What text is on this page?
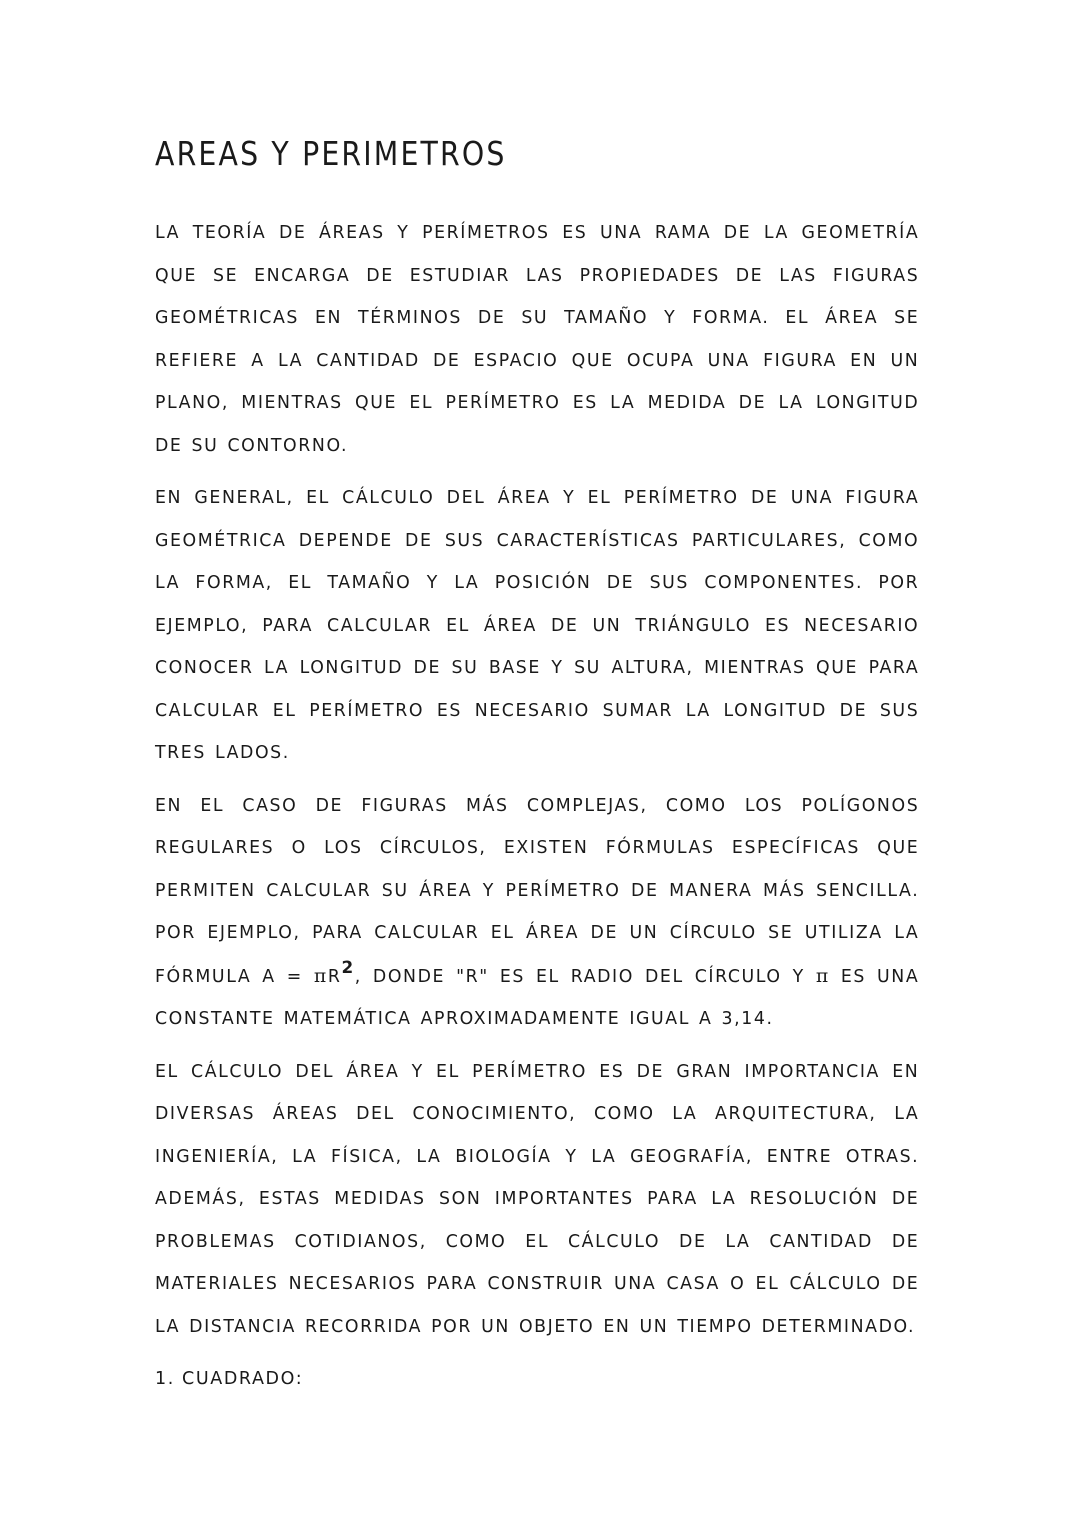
AREAS Y PERIMETROS

LA TEORÍA DE ÁREAS Y PERÍMETROS ES UNA RAMA DE LA GEOMETRÍA QUE SE ENCARGA DE ESTUDIAR LAS PROPIEDADES DE LAS FIGURAS GEOMÉTRICAS EN TÉRMINOS DE SU TAMAÑO Y FORMA. EL ÁREA SE REFIERE A LA CANTIDAD DE ESPACIO QUE OCUPA UNA FIGURA EN UN PLANO, MIENTRAS QUE EL PERÍMETRO ES LA MEDIDA DE LA LONGITUD DE SU CONTORNO.

EN GENERAL, EL CÁLCULO DEL ÁREA Y EL PERÍMETRO DE UNA FIGURA GEOMÉTRICA DEPENDE DE SUS CARACTERÍSTICAS PARTICULARES, COMO LA FORMA, EL TAMAÑO Y LA POSICIÓN DE SUS COMPONENTES. POR EJEMPLO, PARA CALCULAR EL ÁREA DE UN TRIÁNGULO ES NECESARIO CONOCER LA LONGITUD DE SU BASE Y SU ALTURA, MIENTRAS QUE PARA CALCULAR EL PERÍMETRO ES NECESARIO SUMAR LA LONGITUD DE SUS TRES LADOS.

EN EL CASO DE FIGURAS MÁS COMPLEJAS, COMO LOS POLÍGONOS REGULARES O LOS CÍRCULOS, EXISTEN FÓRMULAS ESPECÍFICAS QUE PERMITEN CALCULAR SU ÁREA Y PERÍMETRO DE MANERA MÁS SENCILLA. POR EJEMPLO, PARA CALCULAR EL ÁREA DE UN CÍRCULO SE UTILIZA LA FÓRMULA $A = \pi R^2$, DONDE "R" ES EL RADIO DEL CÍRCULO Y π ES UNA CONSTANTE MATEMÁTICA APROXIMADAMENTE IGUAL A 3,14.

EL CÁLCULO DEL ÁREA Y EL PERÍMETRO ES DE GRAN IMPORTANCIA EN DIVERSAS ÁREAS DEL CONOCIMIENTO, COMO LA ARQUITECTURA, LA INGENIERÍA, LA FÍSICA, LA BIOLOGÍA Y LA GEOGRAFÍA, ENTRE OTRAS. ADEMÁS, ESTAS MEDIDAS SON IMPORTANTES PARA LA RESOLUCIÓN DE PROBLEMAS COTIDIANOS, COMO EL CÁLCULO DE LA CANTIDAD DE MATERIALES NECESARIOS PARA CONSTRUIR UNA CASA O EL CÁLCULO DE LA DISTANCIA RECORRIDA POR UN OBJETO EN UN TIEMPO DETERMINADO.

1. CUADRADO:
